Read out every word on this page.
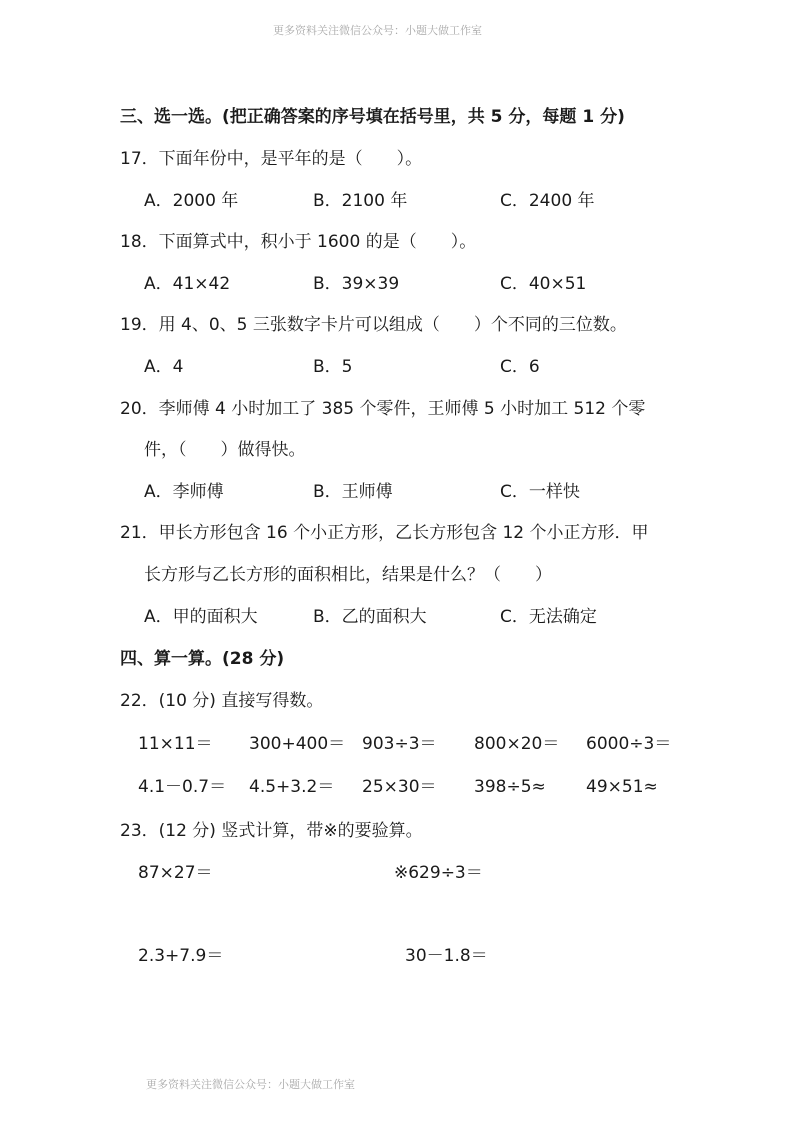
更多资料关注微信公众号：小题大做工作室
三、选一选。(把正确答案的序号填在括号里，共 5 分，每题 1 分)
17．下面年份中，是平年的是（　　）。
A．2000 年	B．2100 年	C．2400 年
18．下面算式中，积小于 1600 的是（　　）。
A．41×42	B．39×39	C．40×51
19．用 4、0、5 三张数字卡片可以组成（　　）个不同的三位数。
A．4	B．5	C．6
20．李师傅 4 小时加工了 385 个零件，王师傅 5 小时加工 512 个零
件，（　　）做得快。
A．李师傅	B．王师傅	C．一样快
21．甲长方形包含 16 个小正方形，乙长方形包含 12 个小正方形．甲
长方形与乙长方形的面积相比，结果是什么？（　　）
A．甲的面积大	B．乙的面积大	C．无法确定
四、算一算。(28 分)
22．(10 分) 直接写得数。
11×11＝ 300+400＝ 903÷3＝ 800×20＝ 6000÷3＝
4.1－0.7＝ 4.5+3.2＝ 25×30＝ 398÷5≈ 49×51≈
23．(12 分) 竖式计算，带※的要验算。
87×27＝	※629÷3＝
2.3+7.9＝	30－1.8＝
更多资料关注微信公众号：小题大做工作室
